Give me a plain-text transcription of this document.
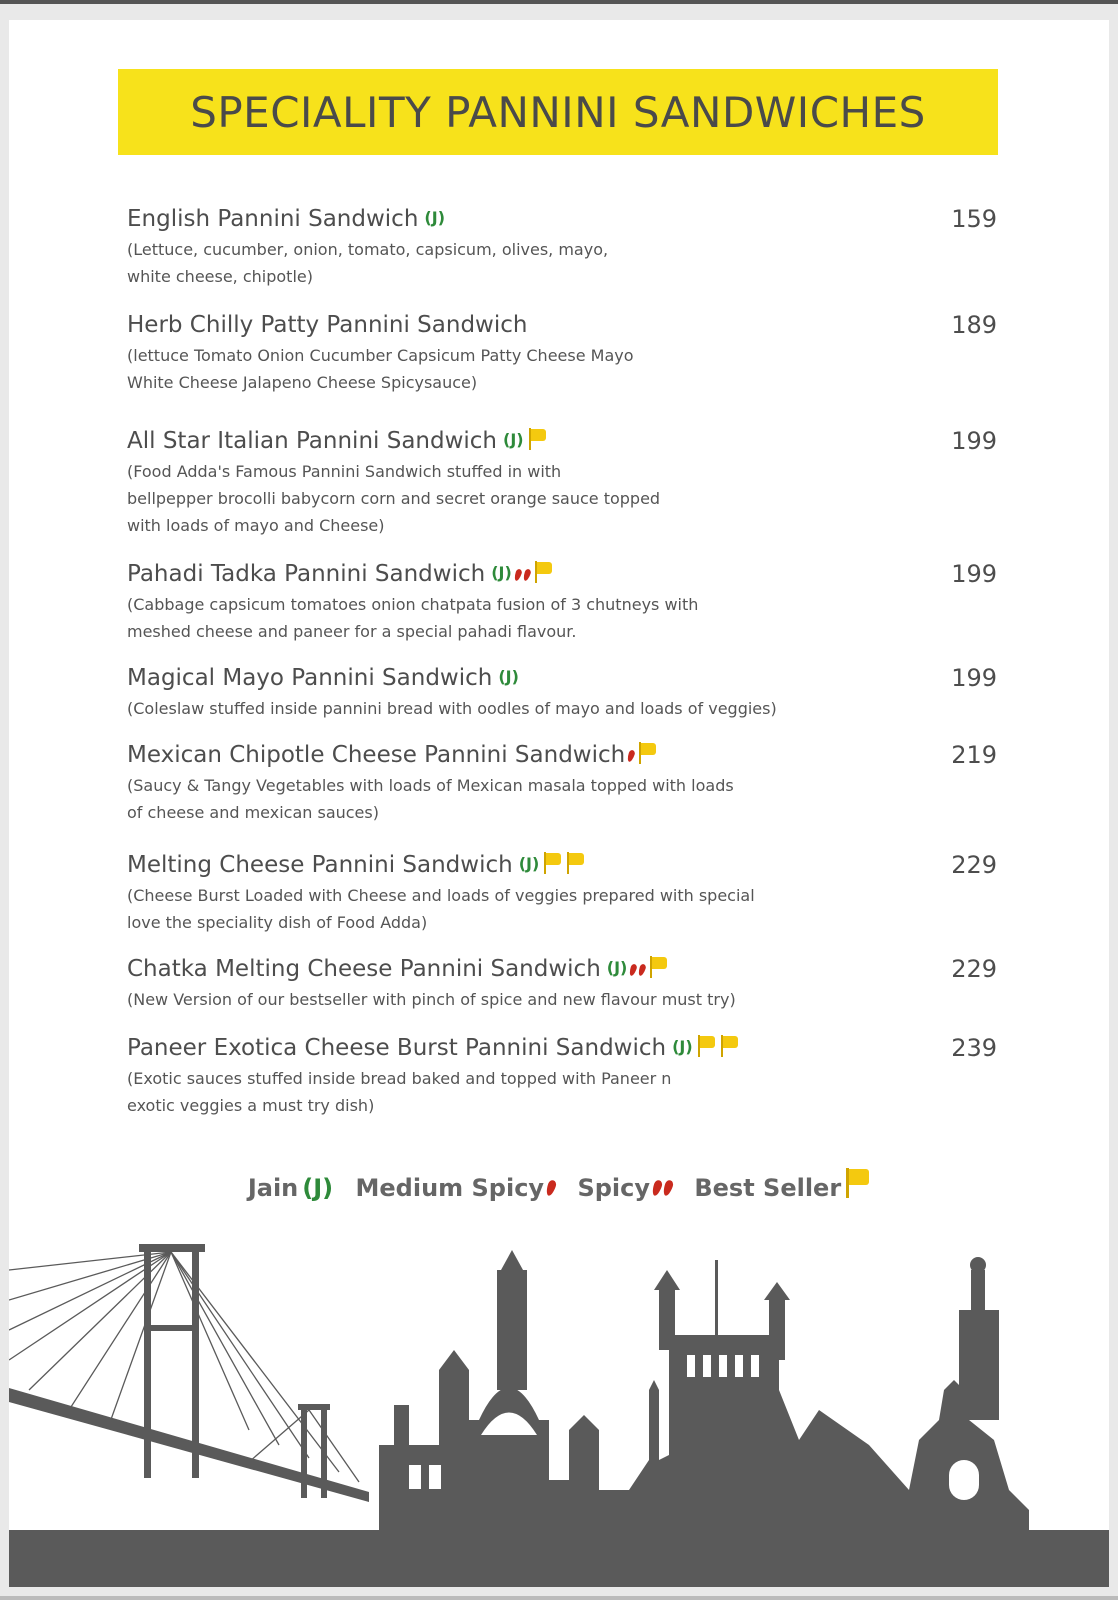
SPECIALITY PANNINI SANDWICHES
English Pannini Sandwich (J)	159
(Lettuce, cucumber, onion, tomato, capsicum, olives, mayo,
white cheese, chipotle)
Herb Chilly Patty Pannini Sandwich	189
(lettuce Tomato Onion Cucumber Capsicum Patty Cheese Mayo
White Cheese Jalapeno Cheese Spicysauce)
All Star Italian Pannini Sandwich (J)	199
(Food Adda's Famous Pannini Sandwich stuffed in with
bellpepper brocolli babycorn corn and secret orange sauce topped
with loads of mayo and Cheese)
Pahadi Tadka Pannini Sandwich (J)	199
(Cabbage capsicum tomatoes onion chatpata fusion of 3 chutneys with
meshed cheese and paneer for a special pahadi flavour.
Magical Mayo Pannini Sandwich (J)	199
(Coleslaw stuffed inside pannini bread with oodles of mayo and loads of veggies)
Mexican Chipotle Cheese Pannini Sandwich	219
(Saucy & Tangy Vegetables with loads of Mexican masala topped with loads
of cheese and mexican sauces)
Melting Cheese Pannini Sandwich (J)	229
(Cheese Burst Loaded with Cheese and loads of veggies prepared with special
love the speciality dish of Food Adda)
Chatka Melting Cheese Pannini Sandwich (J)	229
(New Version of our bestseller with pinch of spice and new flavour must try)
Paneer Exotica Cheese Burst Pannini Sandwich (J)	239
(Exotic sauces stuffed inside bread baked and topped with Paneer n
exotic veggies a must try dish)
Jain (J) Medium Spicy Spicy Best Seller
